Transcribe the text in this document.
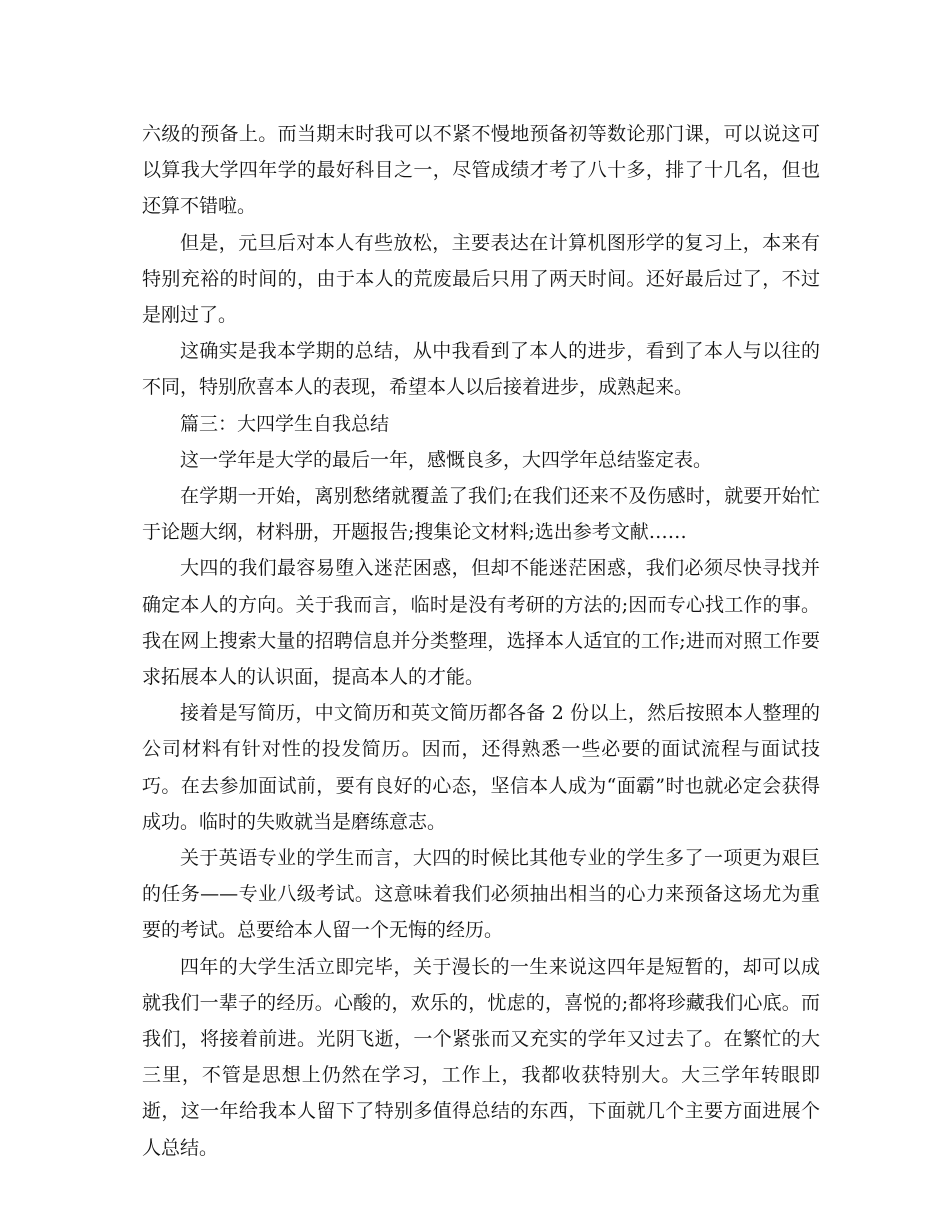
六级的预备上。而当期末时我可以不紧不慢地预备初等数论那门课，可以说这可以算我大学四年学的最好科目之一，尽管成绩才考了八十多，排了十几名，但也还算不错啦。

但是，元旦后对本人有些放松，主要表达在计算机图形学的复习上，本来有特别充裕的时间的，由于本人的荒废最后只用了两天时间。还好最后过了，不过是刚过了。

这确实是我本学期的总结，从中我看到了本人的进步，看到了本人与以往的不同，特别欣喜本人的表现，希望本人以后接着进步，成熟起来。

篇三：大四学生自我总结

这一学年是大学的最后一年，感慨良多，大四学年总结鉴定表。

在学期一开始，离别愁绪就覆盖了我们;在我们还来不及伤感时，就要开始忙于论题大纲，材料册，开题报告;搜集论文材料;选出参考文献……

大四的我们最容易堕入迷茫困惑，但却不能迷茫困惑，我们必须尽快寻找并确定本人的方向。关于我而言，临时是没有考研的方法的;因而专心找工作的事。我在网上搜索大量的招聘信息并分类整理，选择本人适宜的工作;进而对照工作要求拓展本人的认识面，提高本人的才能。

接着是写简历，中文简历和英文简历都各备 2 份以上，然后按照本人整理的公司材料有针对性的投发简历。因而，还得熟悉一些必要的面试流程与面试技巧。在去参加面试前，要有良好的心态，坚信本人成为“面霸”时也就必定会获得成功。临时的失败就当是磨练意志。

关于英语专业的学生而言，大四的时候比其他专业的学生多了一项更为艰巨的任务——专业八级考试。这意味着我们必须抽出相当的心力来预备这场尤为重要的考试。总要给本人留一个无悔的经历。

四年的大学生活立即完毕，关于漫长的一生来说这四年是短暂的，却可以成就我们一辈子的经历。心酸的，欢乐的，忧虑的，喜悦的;都将珍藏我们心底。而我们，将接着前进。光阴飞逝，一个紧张而又充实的学年又过去了。在繁忙的大三里，不管是思想上仍然在学习，工作上，我都收获特别大。大三学年转眼即逝，这一年给我本人留下了特别多值得总结的东西，下面就几个主要方面进展个人总结。
